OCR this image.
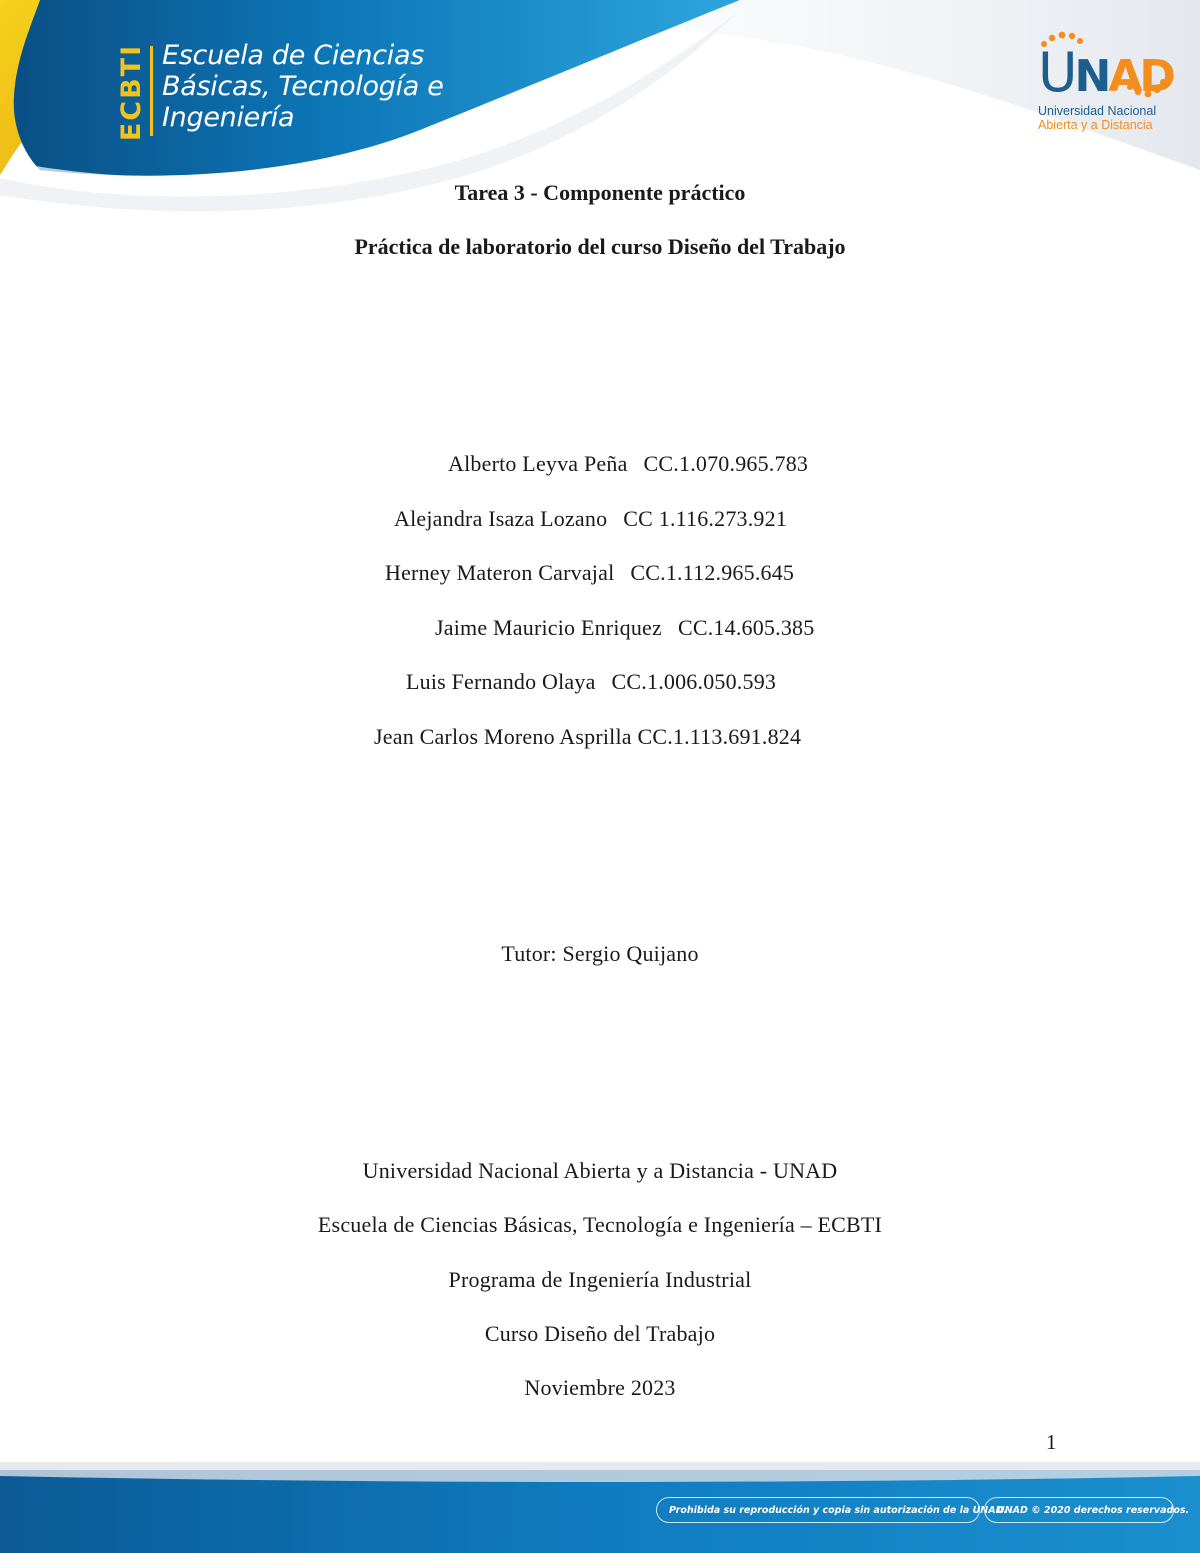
ECBTI Escuela de Ciencias
Básicas, Tecnología e
Ingeniería
UNAD
Universidad Nacional
Abierta y a Distancia
Tarea 3 - Componente práctico
Práctica de laboratorio del curso Diseño del Trabajo
Alberto Leyva Peña CC.1.070.965.783
Alejandra Isaza Lozano CC 1.116.273.921
Herney Materon Carvajal CC.1.112.965.645
Jaime Mauricio Enriquez CC.14.605.385
Luis Fernando Olaya CC.1.006.050.593
Jean Carlos Moreno Asprilla CC.1.113.691.824
Tutor: Sergio Quijano
Universidad Nacional Abierta y a Distancia - UNAD
Escuela de Ciencias Básicas, Tecnología e Ingeniería – ECBTI
Programa de Ingeniería Industrial
Curso Diseño del Trabajo
Noviembre 2023
1
Prohibida su reproducción y copia sin autorización de la UNAD.
UNAD © 2020 derechos reservados.
